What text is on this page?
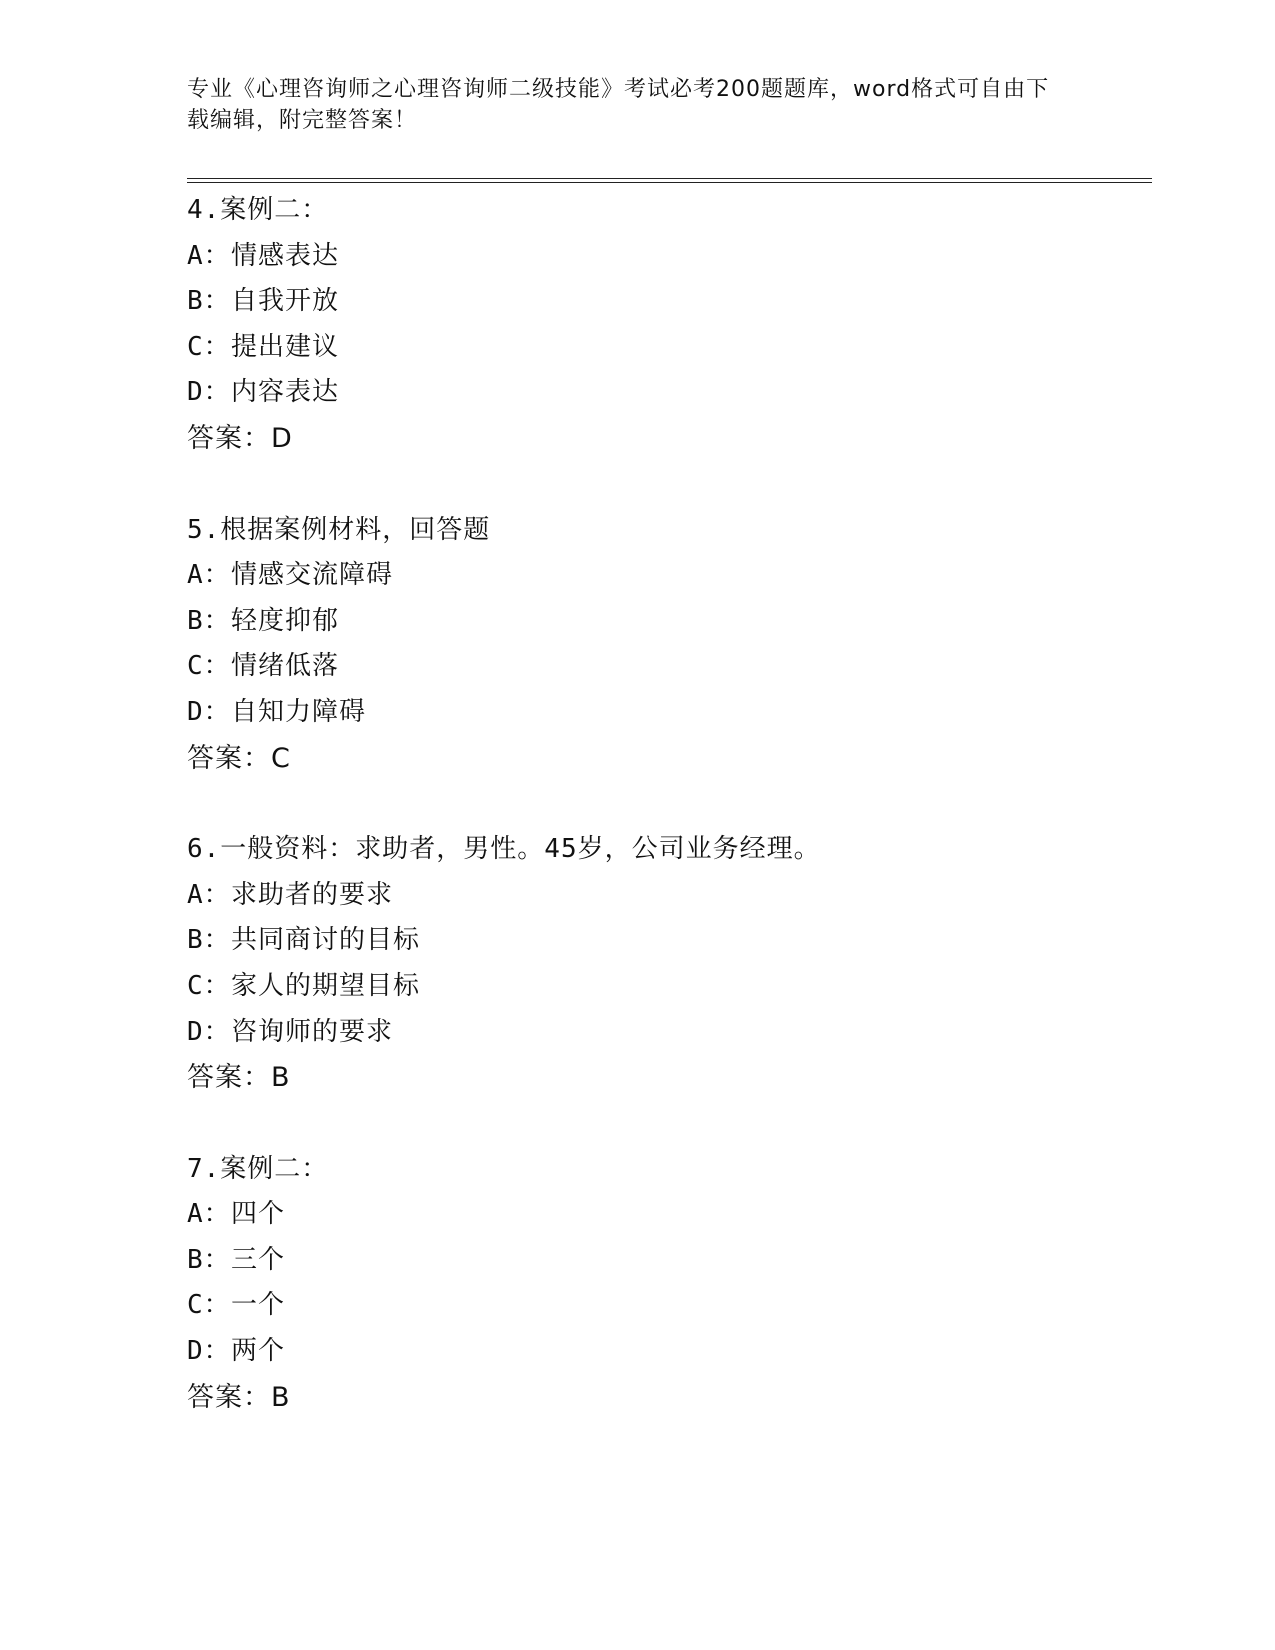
专业《心理咨询师之心理咨询师二级技能》考试必考200题题库，word格式可自由下载编辑，附完整答案！
4.案例二：
A：情感表达
B：自我开放
C：提出建议
D：内容表达
答案：D
5.根据案例材料，回答题
A：情感交流障碍
B：轻度抑郁
C：情绪低落
D：自知力障碍
答案：C
6.一般资料：求助者，男性。45岁，公司业务经理。
A：求助者的要求
B：共同商讨的目标
C：家人的期望目标
D：咨询师的要求
答案：B
7.案例二：
A：四个
B：三个
C：一个
D：两个
答案：B
